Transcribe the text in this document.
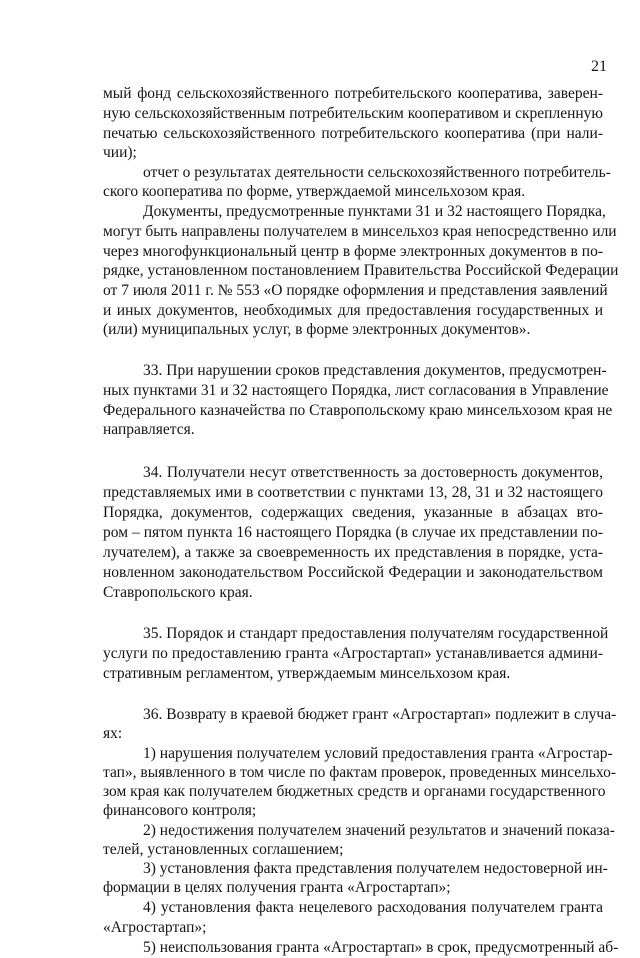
21
мый фонд сельскохозяйственного потребительского кооператива, заверен-
ную сельскохозяйственным потребительским кооперативом и скрепленную
печатью сельскохозяйственного потребительского кооператива (при нали-
чии);
отчет о результатах деятельности сельскохозяйственного потребитель-
ского кооператива по форме, утверждаемой минсельхозом края.
Документы, предусмотренные пунктами 31 и 32 настоящего Порядка,
могут быть направлены получателем в минсельхоз края непосредственно или
через многофункциональный центр в форме электронных документов в по-
рядке, установленном постановлением Правительства Российской Федерации
от 7 июля 2011 г. № 553 «О порядке оформления и представления заявлений
и иных документов, необходимых для предоставления государственных и
(или) муниципальных услуг, в форме электронных документов».
33. При нарушении сроков представления документов, предусмотрен-
ных пунктами 31 и 32 настоящего Порядка, лист согласования в Управление
Федерального казначейства по Ставропольскому краю минсельхозом края не
направляется.
34. Получатели несут ответственность за достоверность документов,
представляемых ими в соответствии с пунктами 13, 28, 31 и 32 настоящего
Порядка, документов, содержащих сведения, указанные в абзацах вто-
ром – пятом пункта 16 настоящего Порядка (в случае их представлении по-
лучателем), а также за своевременность их представления в порядке, уста-
новленном законодательством Российской Федерации и законодательством
Ставропольского края.
35. Порядок и стандарт предоставления получателям государственной
услуги по предоставлению гранта «Агростартап» устанавливается админи-
стративным регламентом, утверждаемым минсельхозом края.
36. Возврату в краевой бюджет грант «Агростартап» подлежит в случа-
ях:
1) нарушения получателем условий предоставления гранта «Агростар-
тап», выявленного в том числе по фактам проверок, проведенных минсельхо-
зом края как получателем бюджетных средств и органами государственного
финансового контроля;
2) недостижения получателем значений результатов и значений показа-
телей, установленных соглашением;
3) установления факта представления получателем недостоверной ин-
формации в целях получения гранта «Агростартап»;
4) установления факта нецелевого расходования получателем гранта
«Агростартап»;
5) неиспользования гранта «Агростартап» в срок, предусмотренный аб-
